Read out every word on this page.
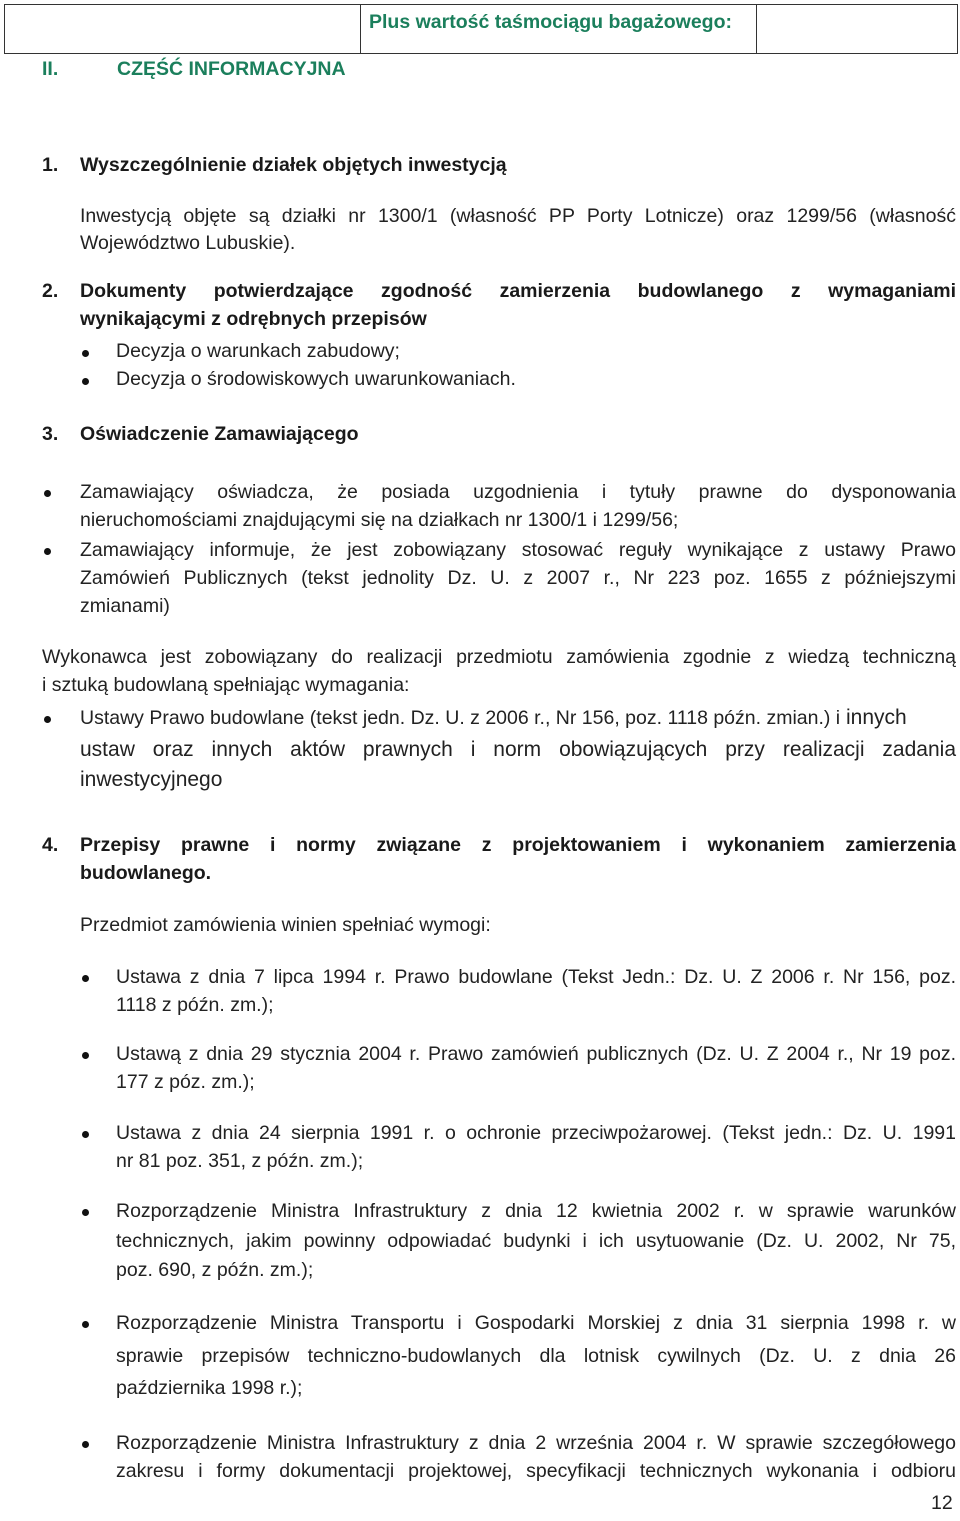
	Plus wartość taśmociągu bagażowego:	
II.	CZĘŚĆ INFORMACYJNA
1. Wyszczególnienie działek objętych inwestycją
Inwestycją objęte są działki nr 1300/1 (własność PP Porty Lotnicze) oraz 1299/56 (własność
Województwo Lubuskie).
2. Dokumenty potwierdzające zgodność zamierzenia budowlanego z wymaganiami
wynikającymi z odrębnych przepisów
Decyzja o warunkach zabudowy;
Decyzja o środowiskowych uwarunkowaniach.
3. Oświadczenie Zamawiającego
Zamawiający oświadcza, że posiada uzgodnienia i tytuły prawne do dysponowania
nieruchomościami znajdującymi się na działkach nr 1300/1 i 1299/56;
Zamawiający informuje, że jest zobowiązany stosować reguły wynikające z ustawy Prawo
Zamówień Publicznych (tekst jednolity Dz. U. z 2007 r., Nr 223 poz. 1655 z późniejszymi
zmianami)
Wykonawca jest zobowiązany do realizacji przedmiotu zamówienia zgodnie z wiedzą techniczną
i sztuką budowlaną spełniając wymagania:
Ustawy Prawo budowlane (tekst jedn. Dz. U. z 2006 r., Nr 156, poz. 1118 późn. zmian.) i innych
ustaw oraz innych aktów prawnych i norm obowiązujących przy realizacji zadania
inwestycyjnego
4. Przepisy prawne i normy związane z projektowaniem i wykonaniem zamierzenia
budowlanego.
Przedmiot zamówienia winien spełniać wymogi:
Ustawa z dnia 7 lipca 1994 r. Prawo budowlane (Tekst Jedn.: Dz. U. Z 2006 r. Nr 156, poz.
1118 z późn. zm.);
Ustawą z dnia 29 stycznia 2004 r. Prawo zamówień publicznych (Dz. U. Z 2004 r., Nr 19 poz.
177 z póz. zm.);
Ustawa z dnia 24 sierpnia 1991 r. o ochronie przeciwpożarowej. (Tekst jedn.: Dz. U. 1991
nr 81 poz. 351, z późn. zm.);
Rozporządzenie Ministra Infrastruktury z dnia 12 kwietnia 2002 r. w sprawie warunków
technicznych, jakim powinny odpowiadać budynki i ich usytuowanie (Dz. U. 2002, Nr 75,
poz. 690, z późn. zm.);
Rozporządzenie Ministra Transportu i Gospodarki Morskiej z dnia 31 sierpnia 1998 r. w
sprawie przepisów techniczno-budowlanych dla lotnisk cywilnych (Dz. U. z dnia 26
października 1998 r.);
Rozporządzenie Ministra Infrastruktury z dnia 2 września 2004 r. W sprawie szczegółowego
zakresu i formy dokumentacji projektowej, specyfikacji technicznych wykonania i odbioru
12
